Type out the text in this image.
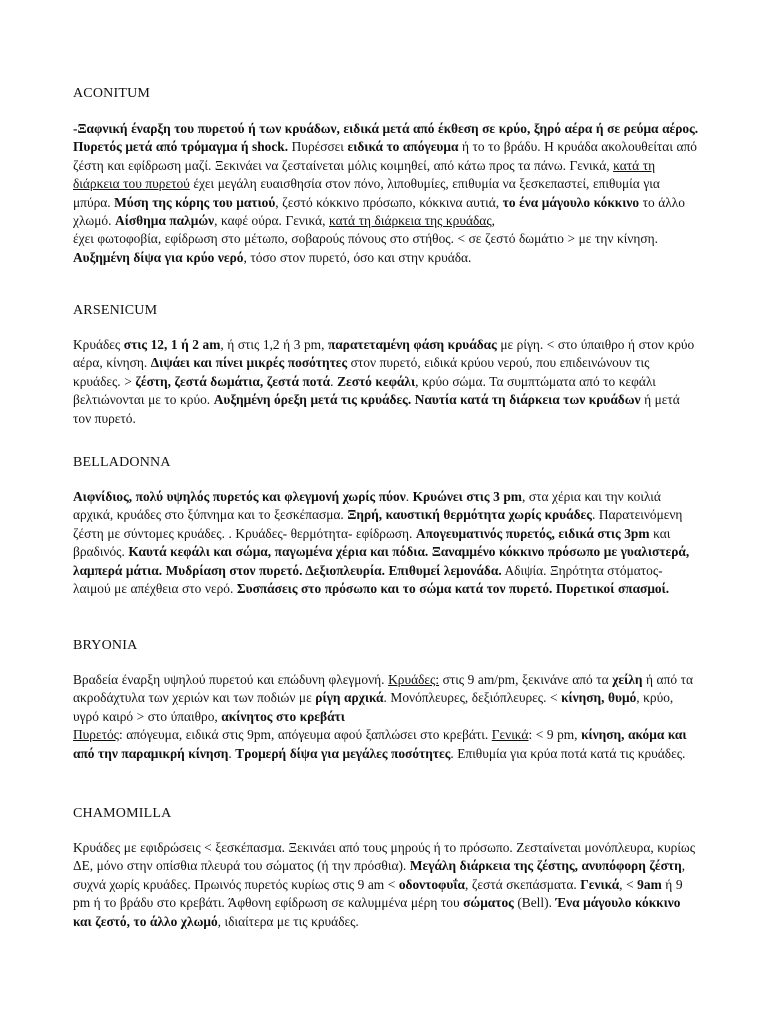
ACONITUM

-Ξαφνική έναρξη του πυρετού ή των κρυάδων, ειδικά μετά από έκθεση σε κρύο, ξηρό αέρα ή σε ρεύμα αέρος. Πυρετός μετά από τρόμαγμα ή shock. Πυρέσσει ειδικά το απόγευμα ή το το βράδυ. Η κρυάδα ακολουθείται από ζέστη και εφίδρωση μαζί. Ξεκινάει να ζεσταίνεται μόλις κοιμηθεί, από κάτω προς τα πάνω. Γενικά, κατά τη διάρκεια του πυρετού έχει μεγάλη ευαισθησία στον πόνο, λιποθυμίες, επιθυμία να ξεσκεπαστεί, επιθυμία για μπύρα. Μύση της κόρης του ματιού, ζεστό κόκκινο πρόσωπο, κόκκινα αυτιά, το ένα μάγουλο κόκκινο το άλλο χλωμό. Αίσθημα παλμών, καφέ ούρα. Γενικά, κατά τη διάρκεια της κρυάδας,
έχει φωτοφοβία, εφίδρωση στο μέτωπο, σοβαρούς πόνους στο στήθος. < σε ζεστό δωμάτιο > με την κίνηση. Αυξημένη δίψα για κρύο νερό, τόσο στον πυρετό, όσο και στην κρυάδα.

ARSENICUM

Κρυάδες στις 12, 1 ή 2 am, ή στις 1,2 ή 3 pm, παρατεταμένη φάση κρυάδας με ρίγη. < στο ύπαιθρο ή στον κρύο αέρα, κίνηση. Διψάει και πίνει μικρές ποσότητες στον πυρετό, ειδικά κρύου νερού, που επιδεινώνουν τις κρυάδες. > ζέστη, ζεστά δωμάτια, ζεστά ποτά. Ζεστό κεφάλι, κρύο σώμα. Τα συμπτώματα από το κεφάλι βελτιώνονται με το κρύο. Αυξημένη όρεξη μετά τις κρυάδες. Ναυτία κατά τη διάρκεια των κρυάδων ή μετά τον πυρετό.

BELLADONNA

Αιφνίδιος, πολύ υψηλός πυρετός και φλεγμονή χωρίς πύον. Κρυώνει στις 3 pm, στα χέρια και την κοιλιά αρχικά, κρυάδες στο ξύπνημα και το ξεσκέπασμα. Ξηρή, καυστική θερμότητα χωρίς κρυάδες. Παρατεινόμενη ζέστη με σύντομες κρυάδες. . Κρυάδες- θερμότητα- εφίδρωση. Απογευματινός πυρετός, ειδικά στις 3pm και βραδινός. Καυτά κεφάλι και σώμα, παγωμένα χέρια και πόδια. Ξαναμμένο κόκκινο πρόσωπο με γυαλιστερά, λαμπερά μάτια. Μυδρίαση στον πυρετό. Δεξιοπλευρία. Επιθυμεί λεμονάδα. Αδιψία. Ξηρότητα στόματος- λαιμού με απέχθεια στο νερό. Συσπάσεις στο πρόσωπο και το σώμα κατά τον πυρετό. Πυρετικοί σπασμοί.

BRYONIA

Βραδεία έναρξη υψηλού πυρετού και επώδυνη φλεγμονή. Κρυάδες: στις 9 am/pm, ξεκινάνε από τα χείλη ή από τα ακροδάχτυλα των χεριών και των ποδιών με ρίγη αρχικά. Μονόπλευρες, δεξιόπλευρες. < κίνηση, θυμό, κρύο, υγρό καιρό > στο ύπαιθρο, ακίνητος στο κρεβάτι
Πυρετός: απόγευμα, ειδικά στις 9pm, απόγευμα αφού ξαπλώσει στο κρεβάτι. Γενικά: < 9 pm, κίνηση, ακόμα και από την παραμικρή κίνηση. Τρομερή δίψα για μεγάλες ποσότητες. Επιθυμία για κρύα ποτά κατά τις κρυάδες.

CHAMOMILLA

Κρυάδες με εφιδρώσεις < ξεσκέπασμα. Ξεκινάει από τους μηρούς ή το πρόσωπο. Ζεσταίνεται μονόπλευρα, κυρίως ΔΕ, μόνο στην οπίσθια πλευρά του σώματος (ή την πρόσθια). Μεγάλη διάρκεια της ζέστης, ανυπόφορη ζέστη, συχνά χωρίς κρυάδες. Πρωινός πυρετός κυρίως στις 9 am < οδοντοφυΐα, ζεστά σκεπάσματα. Γενικά, < 9am ή 9 pm ή το βράδυ στο κρεβάτι. Άφθονη εφίδρωση σε καλυμμένα μέρη του σώματος (Bell). Ένα μάγουλο κόκκινο και ζεστό, το άλλο χλωμό, ιδιαίτερα με τις κρυάδες.
